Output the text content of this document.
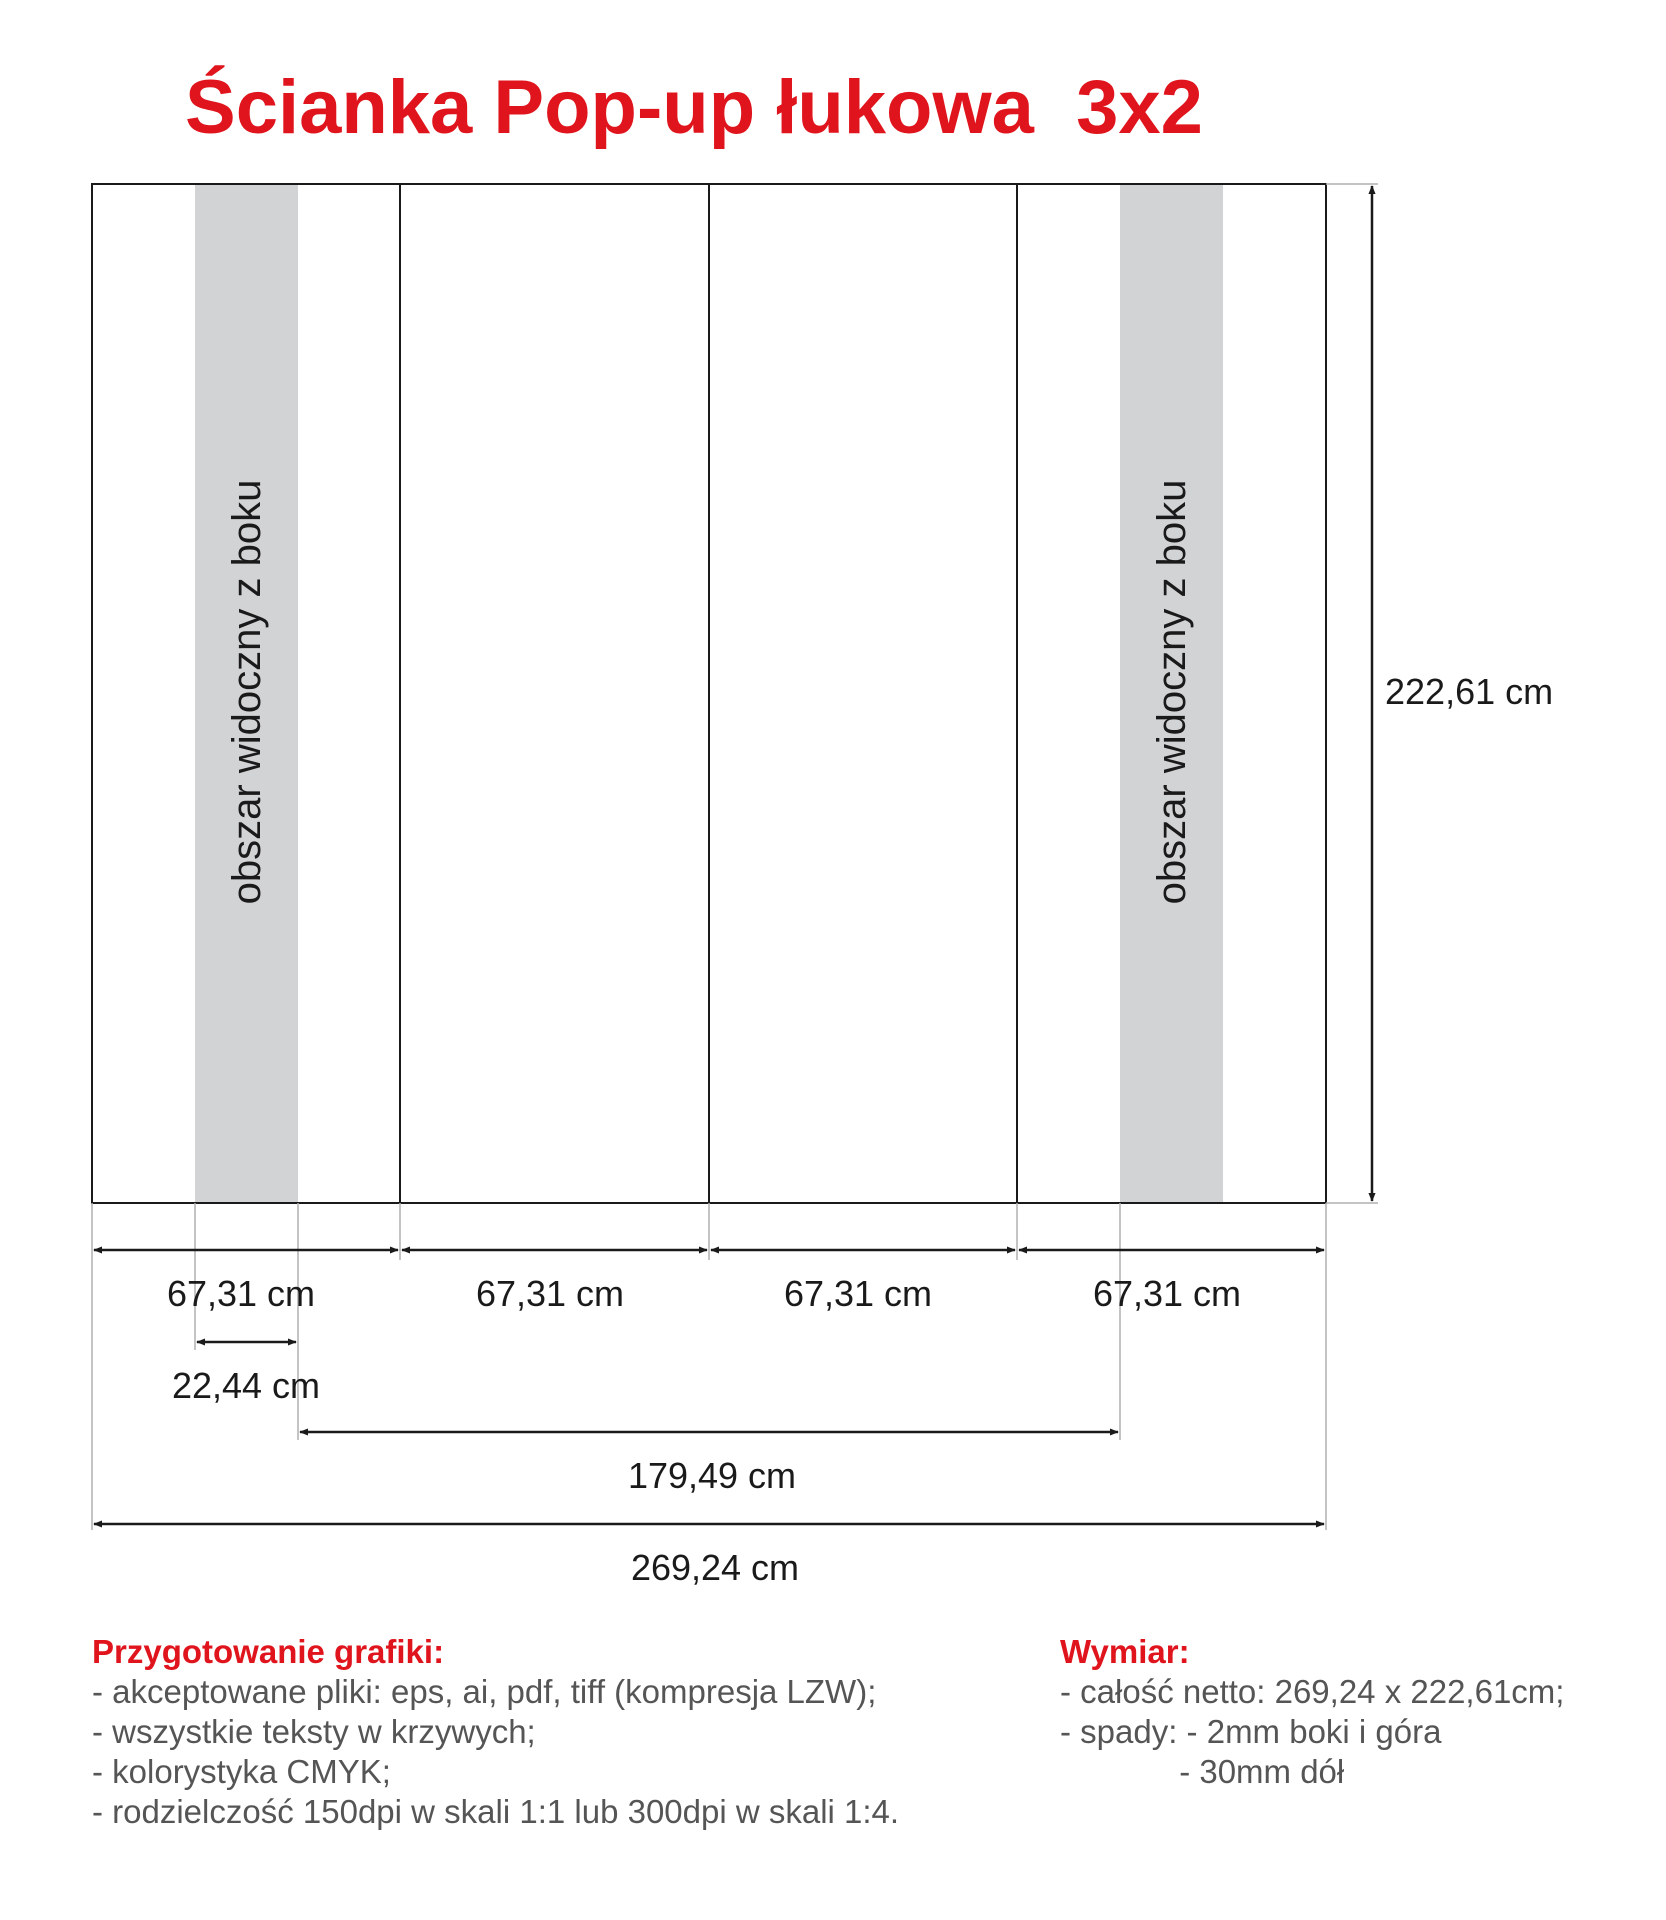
Ścianka Pop-up łukowa  3x2
222,61 cm
67,31 cm	67,31 cm	67,31 cm	67,31 cm
22,44 cm
179,49 cm
269,24 cm
obszar widoczny z boku	obszar widoczny z boku
Przygotowanie grafiki:
- akceptowane pliki: eps, ai, pdf, tiff (kompresja LZW);
- wszystkie teksty w krzywych;
- kolorystyka CMYK;
- rodzielczość 150dpi w skali 1:1 lub 300dpi w skali 1:4.
Wymiar:
- całość netto: 269,24 x 222,61cm;
- spady: - 2mm boki i góra
- 30mm dół
